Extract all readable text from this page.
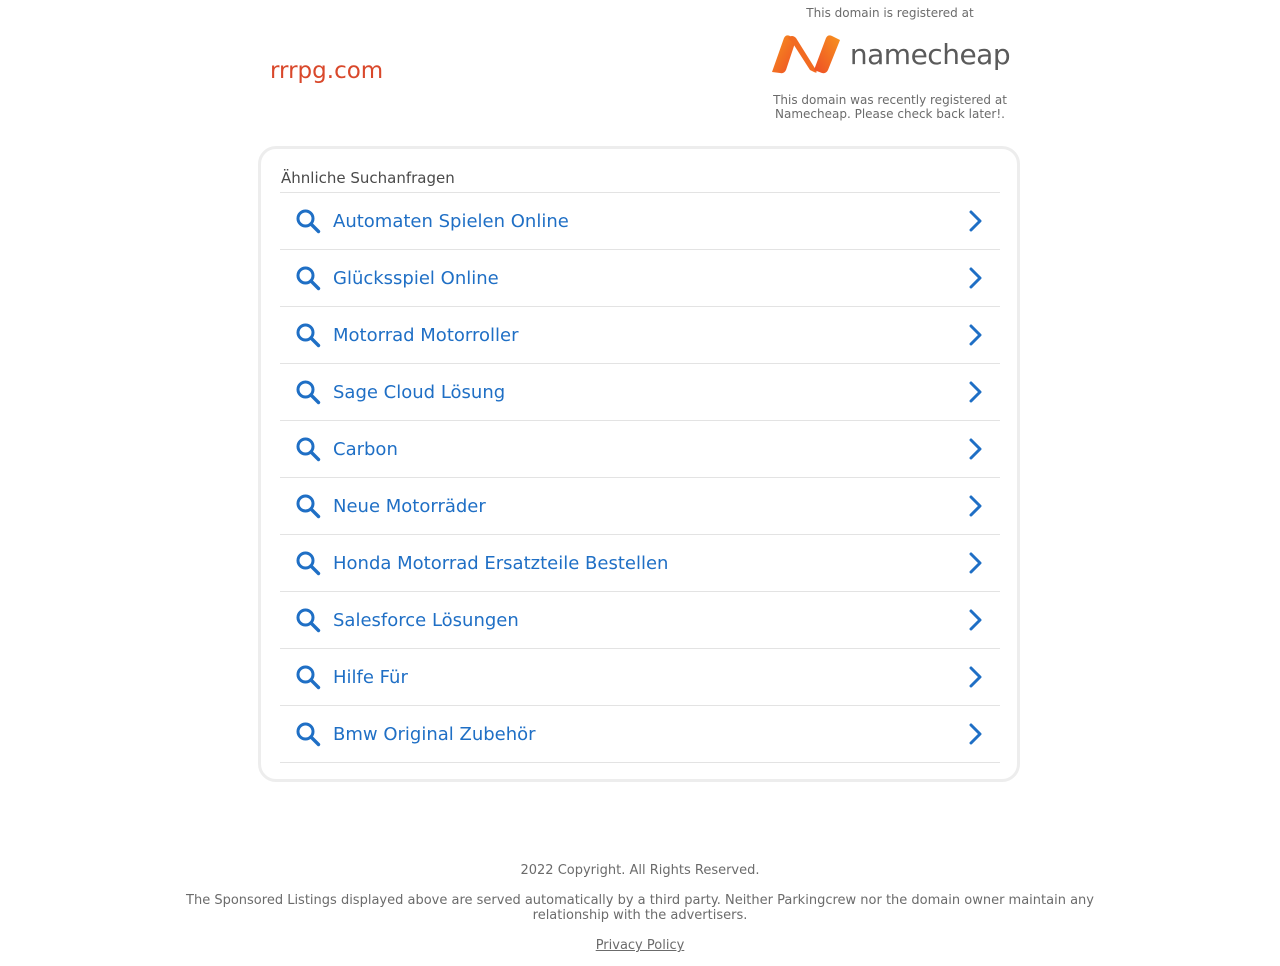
rrrpg.com
This domain is registered at
namecheap
This domain was recently registered at
Namecheap. Please check back later!.
Ähnliche Suchanfragen
Automaten Spielen Online
Glücksspiel Online
Motorrad Motorroller
Sage Cloud Lösung
Carbon
Neue Motorräder
Honda Motorrad Ersatzteile Bestellen
Salesforce Lösungen
Hilfe Für
Bmw Original Zubehör
2022 Copyright. All Rights Reserved.
The Sponsored Listings displayed above are served automatically by a third party. Neither Parkingcrew nor the domain owner maintain any
relationship with the advertisers.
Privacy Policy
